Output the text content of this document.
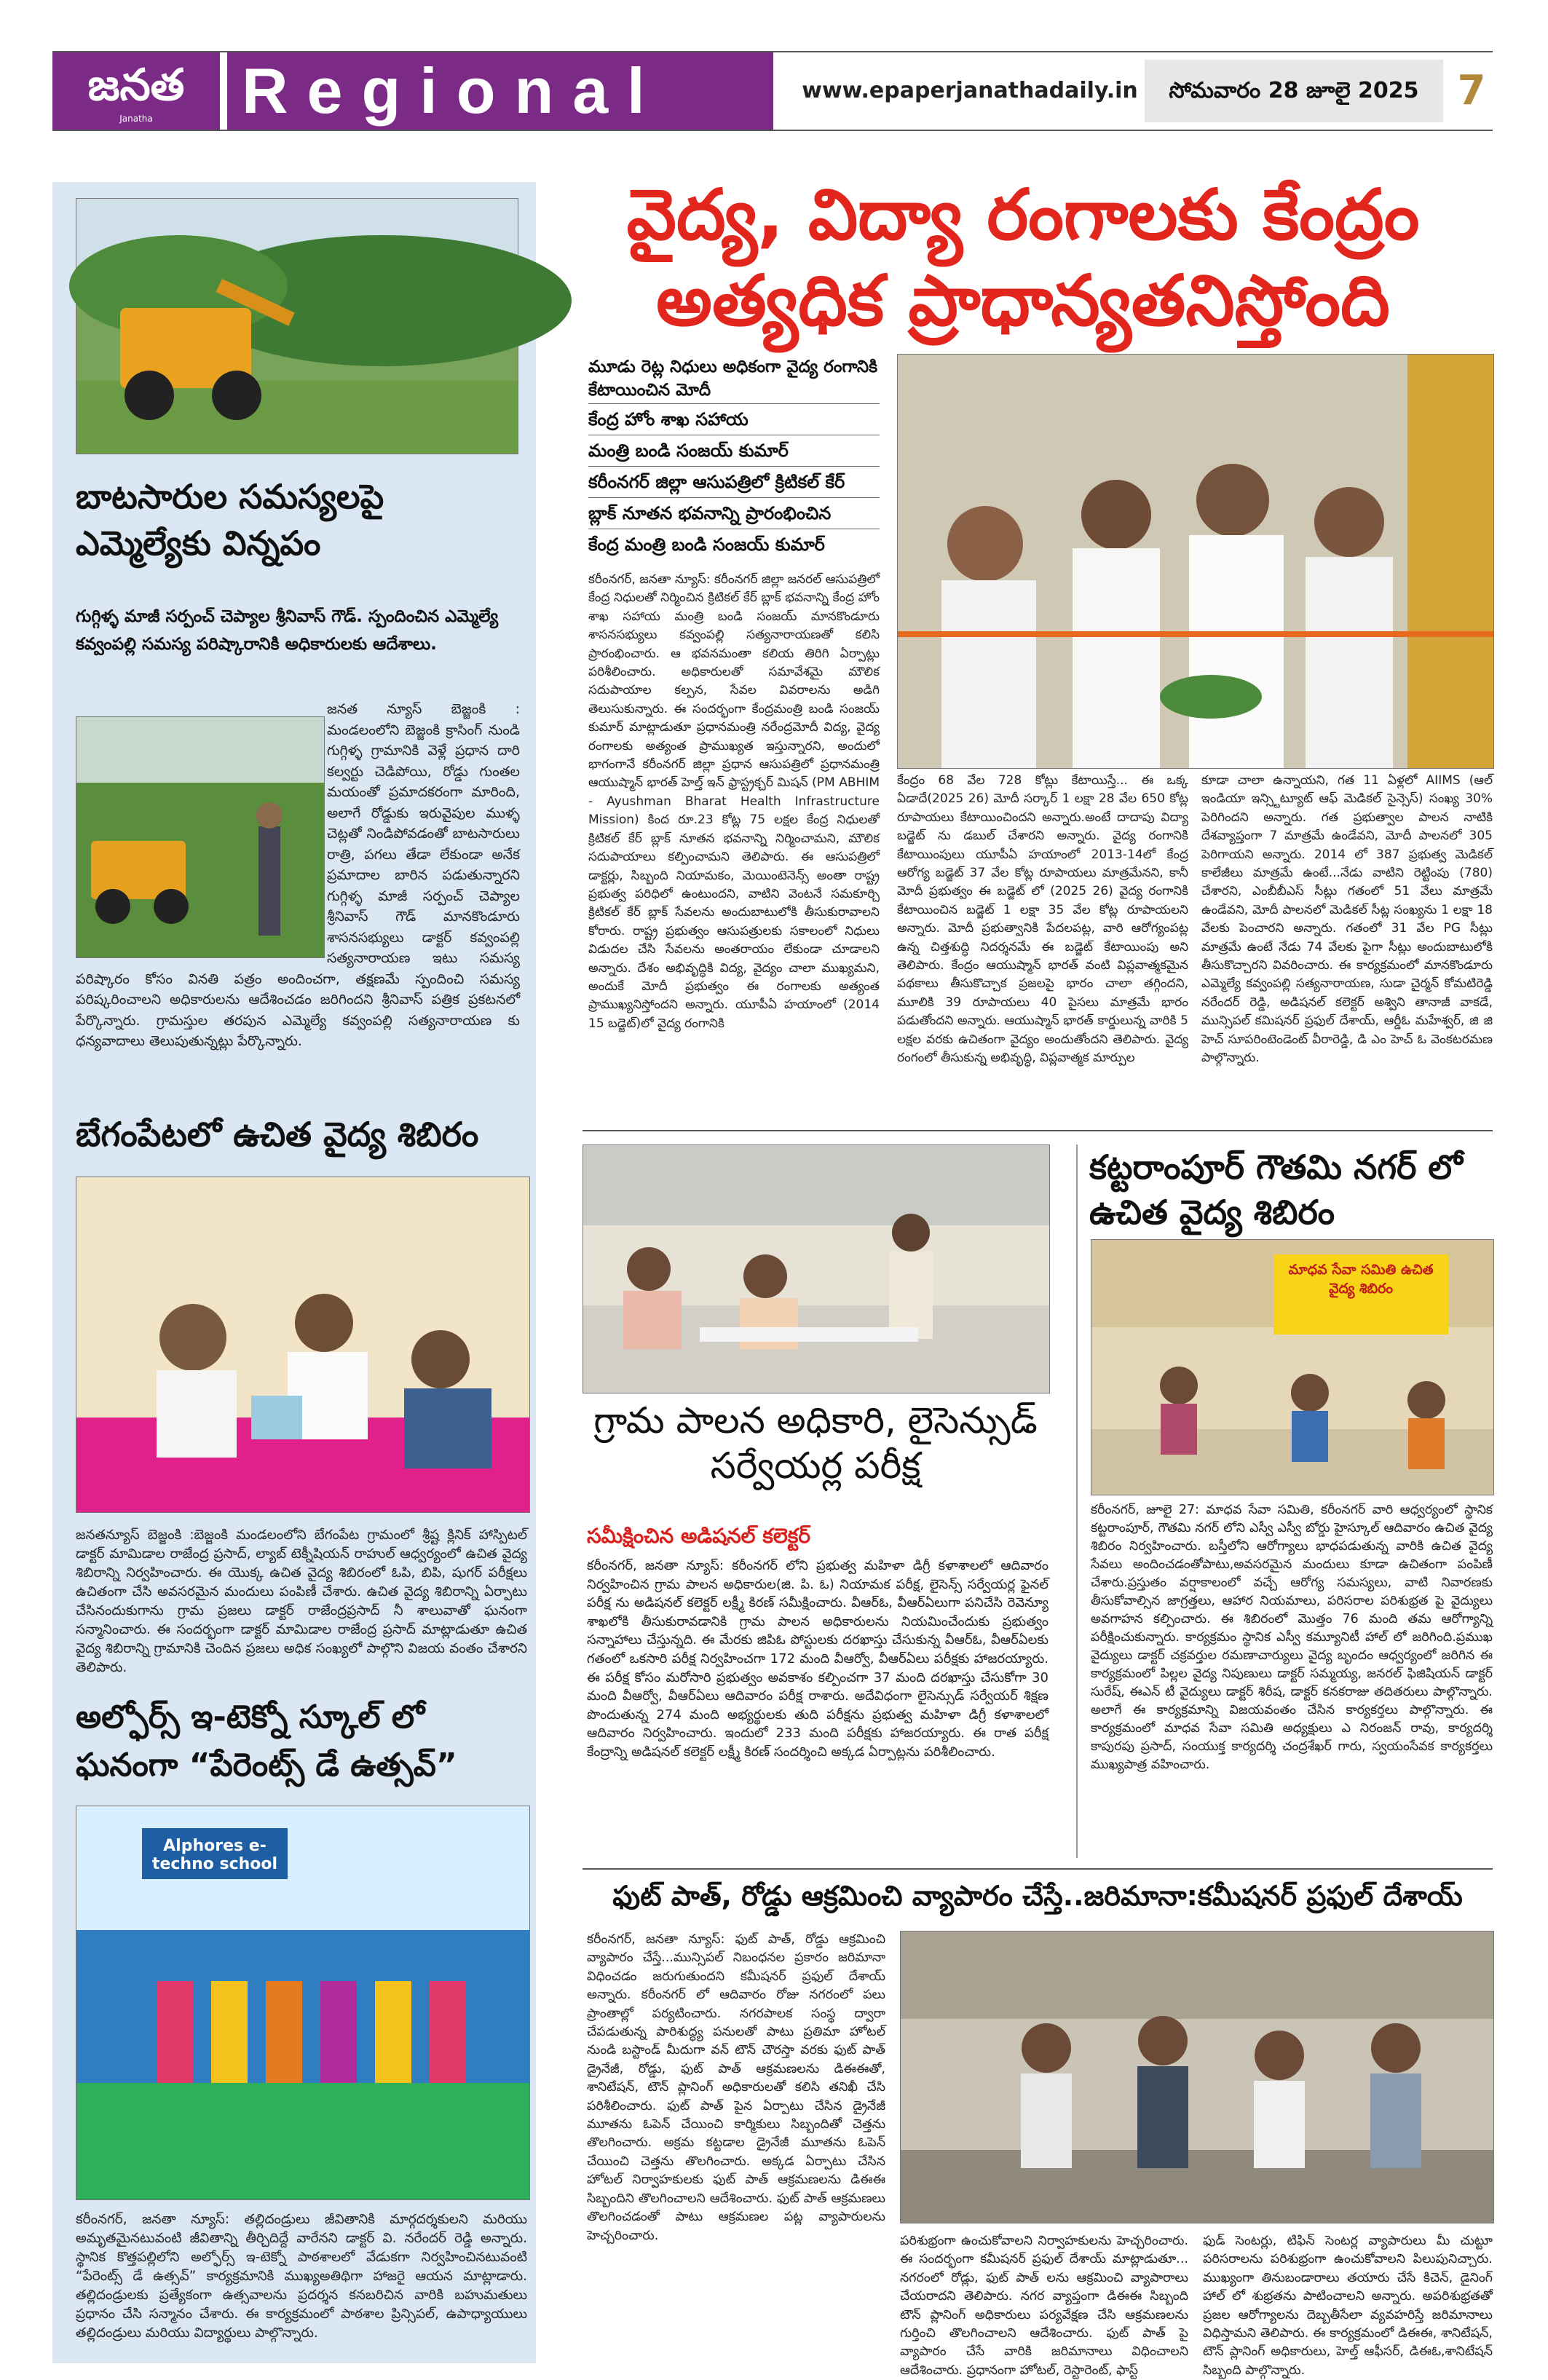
జనత
Janatha	Regional	www.epaperjanathadaily.in	సోమవారం 28 జూలై 2025 7
బాటసారుల సమస్యలపై ఎమ్మెల్యేకు విన్నపం
గుగ్గిళ్ళ మాజీ సర్పంచ్ చెప్యాల శ్రీనివాస్ గౌడ్. స్పందించిన ఎమ్మెల్యే కవ్వంపల్లి సమస్య పరిష్కారానికి అధికారులకు ఆదేశాలు.
జనత న్యూస్ బెజ్జంకి : మండలంలోని బెజ్జంకి క్రాసింగ్ నుండి గుగ్గిళ్ళ గ్రామానికి వెళ్లే ప్రధాన దారి కల్వర్టు చెడిపోయి, రోడ్డు గుంతల మయంతో ప్రమాదకరంగా మారింది, అలాగే రోడ్డుకు ఇరువైపుల ముళ్ళ చెట్లతో నిండిపోవడంతో బాటసారులు రాత్రి, పగలు తేడా లేకుండా అనేక ప్రమాదాల బారిన పడుతున్నారని గుగ్గిళ్ళ మాజీ సర్పంచ్ చెప్యాల శ్రీనివాస్ గౌడ్ మానకొండూరు శాసనసభ్యులు డాక్టర్ కవ్వంపల్లి సత్యనారాయణ ఇటు సమస్య పరిష్కారం కోసం వినతి పత్రం అందించగా, తక్షణమే స్పందించి సమస్య పరిష్కరించాలని అధికారులను ఆదేశించడం జరిగిందని శ్రీనివాస్ పత్రిక ప్రకటనలో పేర్కొన్నారు. గ్రామస్తుల తరపున ఎమ్మెల్యే కవ్వంపల్లి సత్యనారాయణ కు ధన్యవాదాలు తెలుపుతున్నట్లు పేర్కొన్నారు.
బేగంపేటలో ఉచిత వైద్య శిబిరం
జనతన్యూస్ బెజ్జంకి :బెజ్జంకి మండలంలోని బేగంపేట గ్రామంలో శ్రీష్ట క్లినిక్ హాస్పిటల్ డాక్టర్ మామిడాల రాజేంద్ర ప్రసాద్, ల్యాబ్ టెక్నీషియన్ రాహుల్ ఆధ్వర్యంలో ఉచిత వైద్య శిబిరాన్ని నిర్వహించారు. ఈ యొక్క ఉచిత వైద్య శిబిరంలో ఓపి, బిపి, షుగర్ పరీక్షలు ఉచితంగా చేసి అవసరమైన మందులు పంపిణీ చేశారు. ఉచిత వైద్య శిబిరాన్ని ఏర్పాటు చేసినందుకుగాను గ్రామ ప్రజలు డాక్టర్ రాజేంద్రప్రసాద్ నీ శాలువాతో ఘనంగా సన్మానించారు. ఈ సందర్భంగా డాక్టర్ మామిడాల రాజేంద్ర ప్రసాద్ మాట్లాడుతూ ఉచిత వైద్య శిబిరాన్ని గ్రామానికి చెందిన ప్రజలు అధిక సంఖ్యలో పాల్గొని విజయ వంతం చేశారని తెలిపారు.
అల్ఫోర్స్ ఇ-టెక్నో స్కూల్ లో ఘనంగా “పేరెంట్స్ డే ఉత్సవ్”
Alphores e-techno school
కరీంనగర్, జనతా న్యూస్: తల్లిదండ్రులు జీవితానికి మార్గదర్శకులని మరియు అమృతమైనటువంటి జీవితాన్ని తీర్చిదిద్దే వారేనని డాక్టర్ వి. నరేందర్ రెడ్డి అన్నారు. స్థానిక కొత్తపల్లిలోని అల్ఫోర్స్ ఇ-టెక్నో పాఠశాలలో వేడుకగా నిర్వహించినటువంటి “పేరెంట్స్ డే ఉత్సవ్” కార్యక్రమానికి ముఖ్యఅతిథిగా హాజరై ఆయన మాట్లాడారు. తల్లిదండ్రులకు ప్రత్యేకంగా ఉత్సవాలను ప్రదర్శన కనబరిచిన వారికి బహుమతులు ప్రధానం చేసి సన్మానం చేశారు. ఈ కార్యక్రమంలో పాఠశాల ప్రిన్సిపల్, ఉపాధ్యాయులు తల్లిదండ్రులు మరియు విద్యార్థులు పాల్గొన్నారు.
వైద్య, విద్యా రంగాలకు కేంద్రం
అత్యధిక ప్రాధాన్యతనిస్తోంది
మూడు రెట్ల నిధులు అధికంగా వైద్య రంగానికి కేటాయించిన మోదీ
కేంద్ర హోం శాఖ సహాయ
మంత్రి బండి సంజయ్ కుమార్
కరీంనగర్ జిల్లా ఆసుపత్రిలో క్రిటికల్ కేర్
బ్లాక్ నూతన భవనాన్ని ప్రారంభించిన
కేంద్ర మంత్రి బండి సంజయ్ కుమార్
కరీంనగర్, జనతా న్యూస్: కరీంనగర్ జిల్లా జనరల్ ఆసుపత్రిలో కేంద్ర నిధులతో నిర్మించిన క్రిటికల్ కేర్ బ్లాక్ భవనాన్ని కేంద్ర హోం శాఖ సహాయ మంత్రి బండి సంజయ్ మానకొండూరు శాసనసభ్యులు కవ్వంపల్లి సత్యనారాయణతో కలిసి ప్రారంభించారు. ఆ భవనమంతా కలియ తిరిగి ఏర్పాట్లు పరిశీలించారు. అధికారులతో సమావేశమై మౌలిక సదుపాయాల కల్పన, సేవల వివరాలను అడిగి తెలుసుకున్నారు. ఈ సందర్భంగా కేంద్రమంత్రి బండి సంజయ్ కుమార్ మాట్లాడుతూ ప్రధానమంత్రి నరేంద్రమోదీ విద్య, వైద్య రంగాలకు అత్యంత ప్రాముఖ్యత ఇస్తున్నారని, అందులో భాగంగానే కరీంనగర్ జిల్లా ప్రధాన ఆసుపత్రిలో ప్రధానమంత్రి ఆయుష్మాన్ భారత్ హెల్త్ ఇన్ ఫ్రాస్ట్రక్చర్ మిషన్ (PM ABHIM - Ayushman Bharat Health Infrastructure Mission) కింద రూ.23 కోట్ల 75 లక్షల కేంద్ర నిధులతో క్రిటికల్ కేర్ బ్లాక్ నూతన భవనాన్ని నిర్మించామని, మౌలిక సదుపాయాలు కల్పించామని తెలిపారు. ఈ ఆసుపత్రిలో డాక్టర్లు, సిబ్బంది నియామకం, మెయింటెనెన్స్ అంతా రాష్ట్ర ప్రభుత్వ పరిధిలో ఉంటుందని, వాటిని వెంటనే సమకూర్చి క్రిటికల్ కేర్ బ్లాక్ సేవలను అందుబాటులోకి తీసుకురావాలని కోరారు. రాష్ట్ర ప్రభుత్వం ఆసుపత్రులకు సకాలంలో నిధులు విడుదల చేసి సేవలను అంతరాయం లేకుండా చూడాలని అన్నారు. దేశం అభివృద్ధికి విద్య, వైద్యం చాలా ముఖ్యమని, అందుకే మోదీ ప్రభుత్వం ఈ రంగాలకు అత్యంత ప్రాముఖ్యనిస్తోందని అన్నారు. యూపీఏ హయాంలో (2014 15 బడ్జెట్)లో వైద్య రంగానికి
కేంద్రం 68 వేల 728 కోట్లు కేటాయిస్తే... ఈ ఒక్క ఏడాదే(2025 26) మోదీ సర్కార్ 1 లక్షా 28 వేల 650 కోట్ల రూపాయలు కేటాయించిందని అన్నారు.అంటే దాదాపు విద్యా బడ్జెట్ ను డబుల్ చేశారని అన్నారు. వైద్య రంగానికి కేటాయింపులు యూపీఏ హయాంలో 2013-14లో కేంద్ర ఆరోగ్య బడ్జెట్ 37 వేల కోట్ల రూపాయలు మాత్రమేనని, కానీ మోదీ ప్రభుత్వం ఈ బడ్జెట్ లో (2025 26) వైద్య రంగానికి కేటాయించిన బడ్జెట్ 1 లక్షా 35 వేల కోట్ల రూపాయలని అన్నారు. మోదీ ప్రభుత్వానికి పేదలపట్ల, వారి ఆరోగ్యంపట్ల ఉన్న చిత్తశుద్ధి నిదర్శనమే ఈ బడ్జెట్ కేటాయింపు అని తెలిపారు. కేంద్రం ఆయుష్మాన్ భారత్ వంటి విప్లవాత్మకమైన పథకాలు తీసుకొచ్చాక ప్రజలపై భారం చాలా తగ్గిందని, మూలికి 39 రూపాయలు 40 పైసలు మాత్రమే భారం పడుతోందని అన్నారు. ఆయుష్మాన్ భారత్ కార్డులున్న వారికి 5 లక్షల వరకు ఉచితంగా వైద్యం అందుతోందని తెలిపారు. వైద్య రంగంలో తీసుకున్న అభివృద్ధి, విప్లవాత్మక మార్పుల
కూడా చాలా ఉన్నాయని, గత 11 ఏళ్లలో AIIMS (ఆల్ ఇండియా ఇన్స్టిట్యూట్ ఆఫ్ మెడికల్ సైన్సెస్) సంఖ్య 30% పెరిగిందని అన్నారు. గత ప్రభుత్వాల పాలన నాటికి దేశవ్యాప్తంగా 7 మాత్రమే ఉండేవని, మోదీ పాలనలో 305 పెరిగాయని అన్నారు. 2014 లో 387 ప్రభుత్వ మెడికల్ కాలేజీలు మాత్రమే ఉంటే...నేడు వాటిని రెట్టింపు (780) చేశారని, ఎంబీబీఎస్ సీట్లు గతంలో 51 వేలు మాత్రమే ఉండేవని, మోదీ పాలనలో మెడికల్ సీట్ల సంఖ్యను 1 లక్షా 18 వేలకు పెంచారని అన్నారు. గతంలో 31 వేల PG సీట్లు మాత్రమే ఉంటే నేడు 74 వేలకు పైగా సీట్లు అందుబాటులోకి తీసుకొచ్చారని వివరించారు. ఈ కార్యక్రమంలో మానకొండూరు ఎమ్మెల్యే కవ్వంపల్లి సత్యనారాయణ, సుడా చైర్మన్ కోమటిరెడ్డి నరేందర్ రెడ్డి, అడిషనల్ కలెక్టర్ అశ్విని తానాజీ వాకడే, మున్సిపల్ కమిషనర్ ప్రఫుల్ దేశాయ్, ఆర్డీఓ మహేశ్వర్, జి జి హెచ్ సూపరింటెండెంట్ వీరారెడ్డి, డి ఎం హెచ్ ఓ వెంకటరమణ పాల్గొన్నారు.
గ్రామ పాలన అధికారి, లైసెన్సుడ్ సర్వేయర్ల పరీక్ష
సమీక్షించిన అడిషనల్ కలెక్టర్
కరీంనగర్, జనతా న్యూస్: కరీంనగర్ లోని ప్రభుత్వ మహిళా డిగ్రీ కళాశాలలో ఆదివారం నిర్వహించిన గ్రామ పాలన అధికారుల(జి. పి. ఓ) నియామక పరీక్ష, లైసెన్స్ సర్వేయర్ల ఫైనల్ పరీక్ష ను అడిషనల్ కలెక్టర్ లక్ష్మీ కిరణ్ సమీక్షించారు. వీఆర్ఓ, వీఆర్ఏలుగా పనిచేసి రెవెన్యూ శాఖలోకి తీసుకురావడానికి గ్రామ పాలన అధికారులను నియమించేందుకు ప్రభుత్వం సన్నాహాలు చేస్తున్నది. ఈ మేరకు జిపిఓ పోస్టులకు దరఖాస్తు చేసుకున్న వీఆర్ఓ, వీఆర్ఏలకు గతంలో ఒకసారి పరీక్ష నిర్వహించగా 172 మంది వీఆర్వో, వీఆర్ఏలు పరీక్షకు హాజరయ్యారు. ఈ పరీక్ష కోసం మరోసారి ప్రభుత్వం అవకాశం కల్పించగా 37 మంది దరఖాస్తు చేసుకోగా 30 మంది వీఆర్వో, వీఆర్ఏలు ఆదివారం పరీక్ష రాశారు. అదేవిధంగా లైసెన్సుడ్ సర్వేయర్ శిక్షణ పొందుతున్న 274 మంది అభ్యర్థులకు తుది పరీక్షను ప్రభుత్వ మహిళా డిగ్రీ కళాశాలలో ఆదివారం నిర్వహించారు. ఇందులో 233 మంది పరీక్షకు హాజరయ్యారు. ఈ రాత పరీక్ష కేంద్రాన్ని అడిషనల్ కలెక్టర్ లక్ష్మీ కిరణ్ సందర్శించి అక్కడ ఏర్పాట్లను పరిశీలించారు.
కట్టరాంపూర్ గౌతమి నగర్ లో ఉచిత వైద్య శిబిరం
మాధవ సేవా సమితి ఉచిత వైద్య శిబిరం
కరీంనగర్, జూలై 27: మాధవ సేవా సమితి, కరీంనగర్ వారి ఆధ్వర్యంలో స్థానిక కట్టరాంపూర్, గౌతమి నగర్ లోని ఎస్వీ ఎస్వీ బోర్డు హైస్కూల్ ఆదివారం ఉచిత వైద్య శిబిరం నిర్వహించారు. బస్తీలోని ఆరోగ్యాలు భాధపడుతున్న వారికి ఉచిత వైద్య సేవలు అందించడంతోపాటు,అవసరమైన మందులు కూడా ఉచితంగా పంపిణీ చేశారు.ప్రస్తుతం వర్షాకాలంలో వచ్చే ఆరోగ్య సమస్యలు, వాటి నివారణకు తీసుకోవాల్సిన జాగ్రత్తలు, ఆహార నియమాలు, పరిసరాల పరిశుభ్రత పై వైద్యులు అవగాహన కల్పించారు. ఈ శిబిరంలో మొత్తం 76 మంది తమ ఆరోగ్యాన్ని పరీక్షించుకున్నారు. కార్యక్రమం స్థానిక ఎస్వీ కమ్యూనిటీ హాల్ లో జరిగింది.ప్రముఖ వైద్యులు డాక్టర్ చక్రవర్తుల రమణాచార్యులు వైద్య బృందం ఆధ్వర్యంలో జరిగిన ఈ కార్యక్రమంలో పిల్లల వైద్య నిపుణులు డాక్టర్ సమ్మయ్య, జనరల్ ఫిజిషియన్ డాక్టర్ సురేష్, ఈఎన్ టీ వైద్యులు డాక్టర్ శిరీష, డాక్టర్ కనకరాజు తదితరులు పాల్గొన్నారు. అలాగే ఈ కార్యక్రమాన్ని విజయవంతం చేసిన కార్యకర్తలు పాల్గొన్నారు. ఈ కార్యక్రమంలో మాధవ సేవా సమితి అధ్యక్షులు ఎ నిరంజన్ రావు, కార్యదర్శి కాపురపు ప్రసాద్, సంయుక్త కార్యదర్శి చంద్రశేఖర్ గారు, స్వయంసేవక కార్యకర్తలు ముఖ్యపాత్ర వహించారు.
ఫుట్ పాత్, రోడ్డు ఆక్రమించి వ్యాపారం చేస్తే..జరిమానా:కమీషనర్ ప్రఫుల్ దేశాయ్
కరీంనగర్, జనతా న్యూస్: ఫుట్ పాత్, రోడ్డు ఆక్రమించి వ్యాపారం చేస్తే...మున్సిపల్ నిబంధనల ప్రకారం జరిమానా విధించడం జరుగుతుందని కమీషనర్ ప్రఫుల్ దేశాయ్ అన్నారు. కరీంనగర్ లో ఆదివారం రోజు నగరంలో పలు ప్రాంతాల్లో పర్యటించారు. నగరపాలక సంస్థ ద్వారా చేపడుతున్న పారిశుద్ధ్య పనులతో పాటు ప్రతిమా హోటల్ నుండి బస్టాండ్ మీదుగా వన్ టౌన్ చౌరస్తా వరకు ఫుట్ పాత్ డ్రైనేజీ, రోడ్డు, ఫుట్ పాత్ ఆక్రమణలను డిఈఈతో, శానిటేషన్, టౌన్ ప్లానింగ్ అధికారులతో కలిసి తనిఖీ చేసి పరిశీలించారు. ఫుట్ పాత్ పైన ఏర్పాటు చేసిన డ్రైనేజీ మూతను ఓపెన్ చేయించి కార్మికులు సిబ్బందితో చెత్తను తొలగించారు. అక్రమ కట్టడాల డ్రైనేజీ మూతను ఓపెన్ చేయించి చెత్తను తొలగించారు. అక్కడ ఏర్పాటు చేసిన హోటల్ నిర్వాహకులకు ఫుట్ పాత్ ఆక్రమణలను డిఈఈ సిబ్బందిని తొలగించాలని ఆదేశించారు. ఫుట్ పాత్ ఆక్రమణలు తొలగించడంతో పాటు ఆక్రమణల పట్ల వ్యాపారులను హెచ్చరించారు.	పరిశుభ్రంగా ఉంచుకోవాలని నిర్వాహకులను హెచ్చరించారు. ఈ సందర్భంగా కమీషనర్ ప్రఫుల్ దేశాయ్ మాట్లాడుతూ... నగరంలో రోడ్లు, ఫుట్ పాత్ లను ఆక్రమించి వ్యాపారాలు చేయరాదని తెలిపారు. నగర వ్యాప్తంగా డిఈఈ సిబ్బంది టౌన్ ప్లానింగ్ అధికారులు పర్యవేక్షణ చేసి ఆక్రమణలను గుర్తించి తొలగించాలని ఆదేశించారు. ఫుట్ పాత్ పై వ్యాపారం చేసే వారికి జరిమానాలు విధించాలని ఆదేశించారు. ప్రధానంగా హోటల్, రెస్టారెంట్, ఫాస్ట్
ఫుడ్ సెంటర్లు, టిఫిన్ సెంటర్ల వ్యాపారులు మీ చుట్టూ పరిసరాలను పరిశుభ్రంగా ఉంచుకోవాలని పిలుపునిచ్చారు. ముఖ్యంగా తినుబండారాలు తయారు చేసే కిచెన్, డైనింగ్ హాల్ లో శుభ్రతను పాటించాలని అన్నారు. అపరిశుభ్రతతో ప్రజల ఆరోగ్యాలను దెబ్బతీసేలా వ్యవహరిస్తే జరిమానాలు విధిస్తామని తెలిపారు. ఈ కార్యక్రమంలో డిఈఈ, శానిటేషన్, టౌన్ ప్లానింగ్ అధికారులు, హెల్త్ ఆఫీసర్, డిఈఓ,శానిటేషన్ సిబ్బంది పాల్గొన్నారు.
